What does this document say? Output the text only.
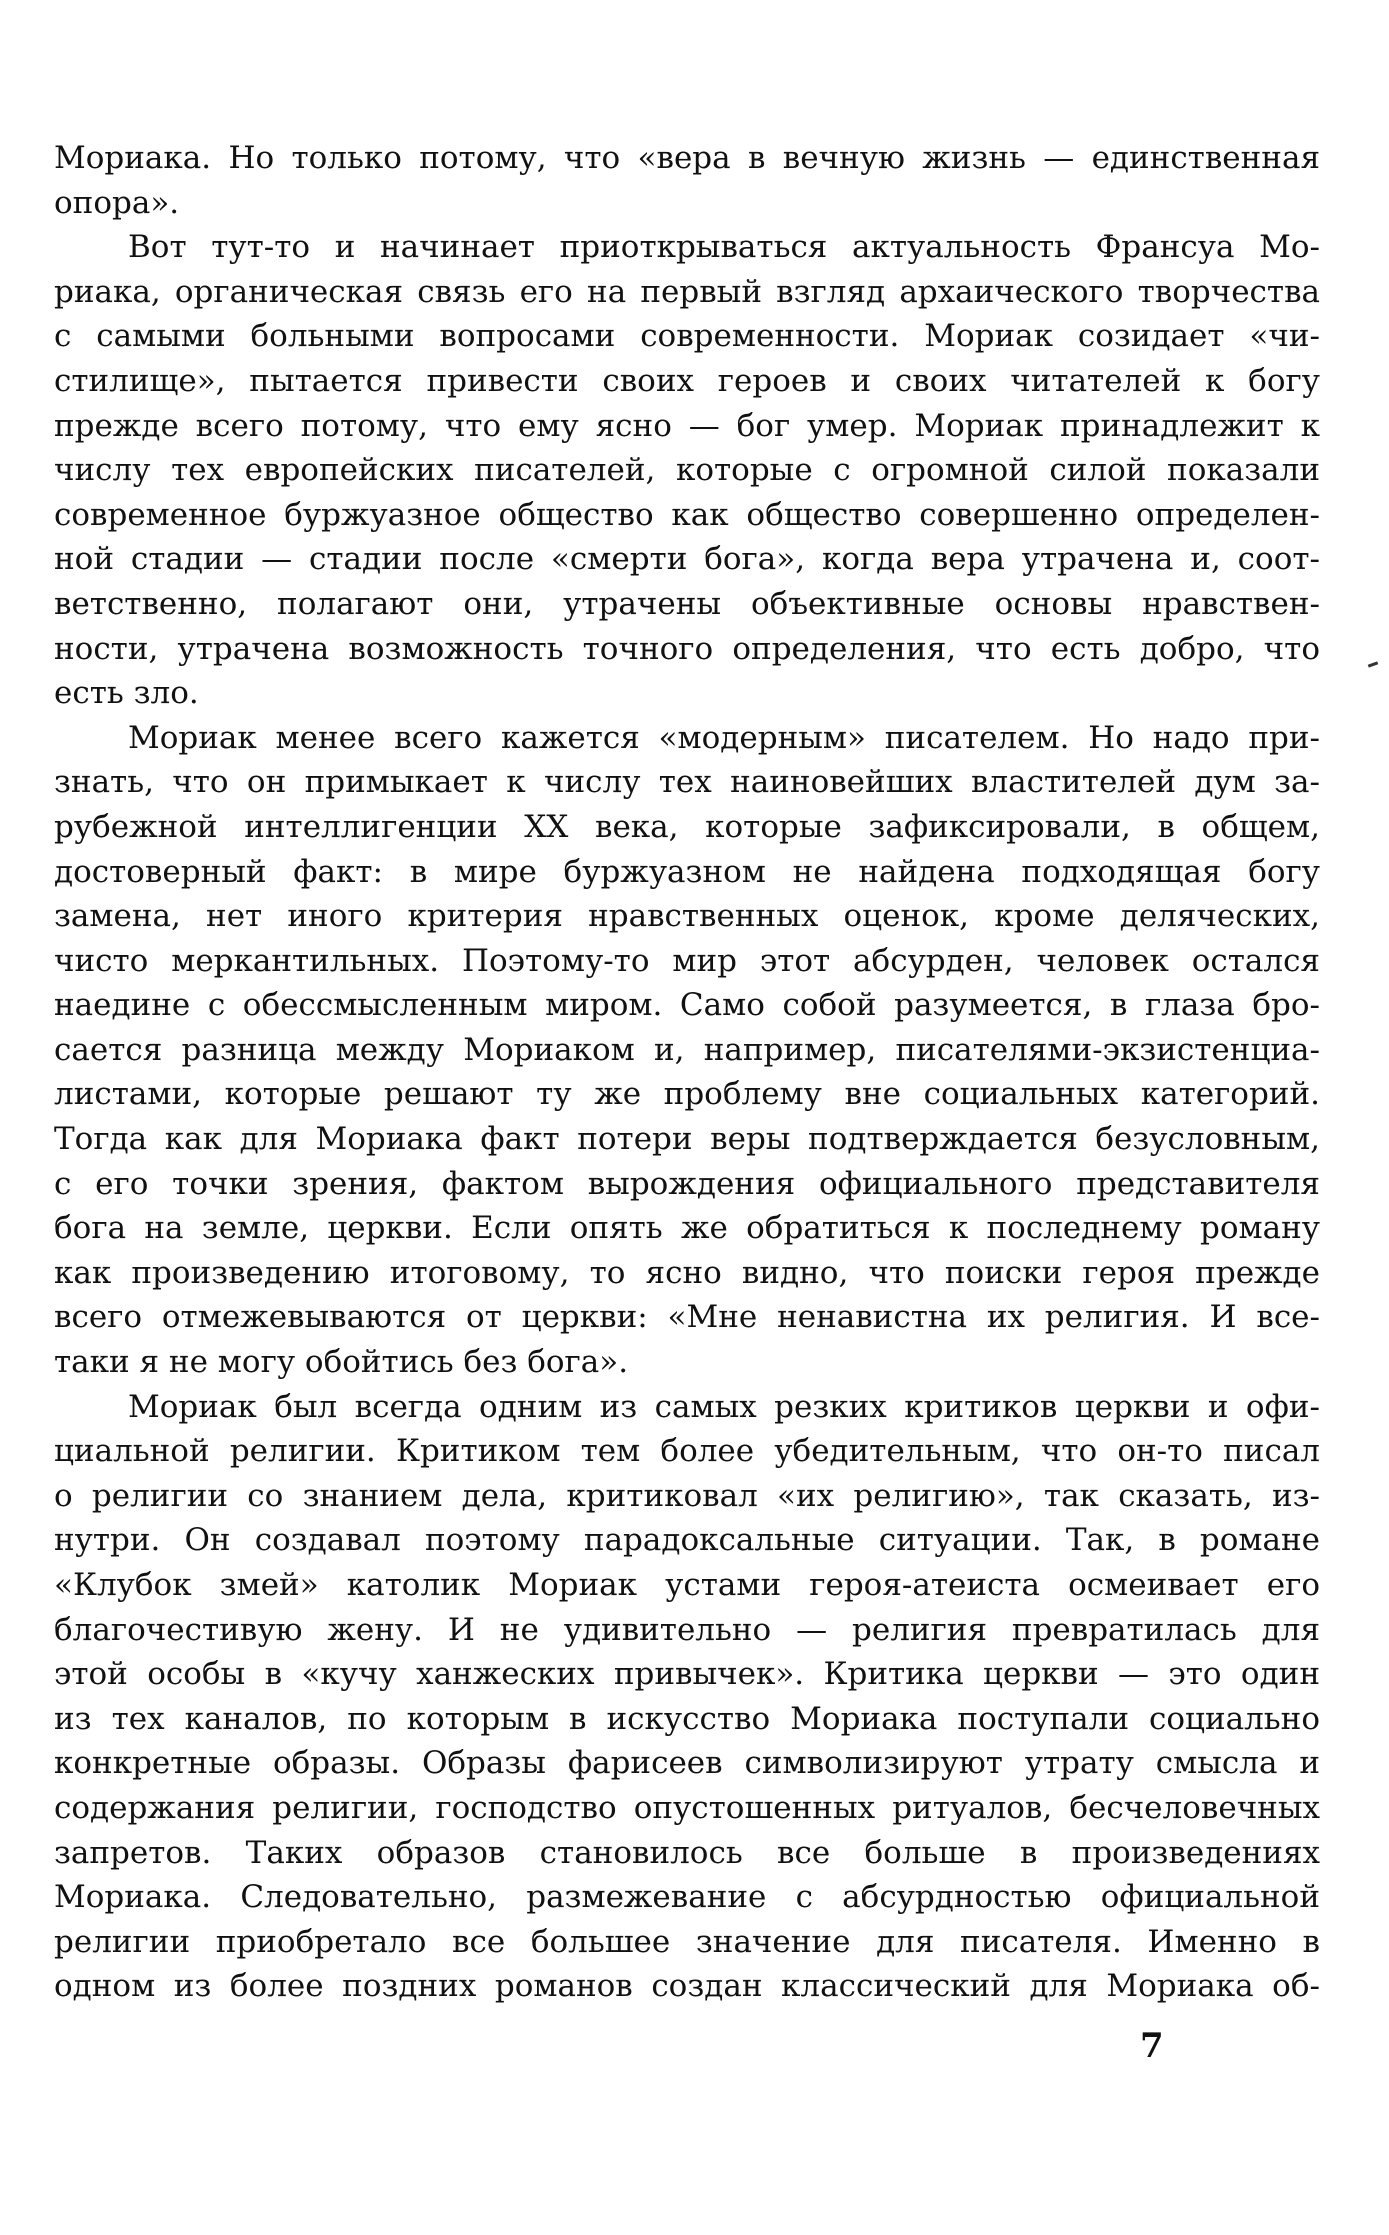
Мориака. Но только потому, что «вера в вечную жизнь — единственная
опора».
Вот тут-то и начинает приоткрываться актуальность Франсуа Мо-
риака, органическая связь его на первый взгляд архаического творчества
с самыми больными вопросами современности. Мориак созидает «чи-
стилище», пытается привести своих героев и своих читателей к богу
прежде всего потому, что ему ясно — бог умер. Мориак принадлежит к
числу тех европейских писателей, которые с огромной силой показали
современное буржуазное общество как общество совершенно определен-
ной стадии — стадии после «смерти бога», когда вера утрачена и, соот-
ветственно, полагают они, утрачены объективные основы нравствен-
ности, утрачена возможность точного определения, что есть добро, что
есть зло.
Мориак менее всего кажется «модерным» писателем. Но надо при-
знать, что он примыкает к числу тех наиновейших властителей дум за-
рубежной интеллигенции XX века, которые зафиксировали, в общем,
достоверный факт: в мире буржуазном не найдена подходящая богу
замена, нет иного критерия нравственных оценок, кроме деляческих,
чисто меркантильных. Поэтому-то мир этот абсурден, человек остался
наедине с обессмысленным миром. Само собой разумеется, в глаза бро-
сается разница между Мориаком и, например, писателями-экзистенциа-
листами, которые решают ту же проблему вне социальных категорий.
Тогда как для Мориака факт потери веры подтверждается безусловным,
с его точки зрения, фактом вырождения официального представителя
бога на земле, церкви. Если опять же обратиться к последнему роману
как произведению итоговому, то ясно видно, что поиски героя прежде
всего отмежевываются от церкви: «Мне ненавистна их религия. И все-
таки я не могу обойтись без бога».
Мориак был всегда одним из самых резких критиков церкви и офи-
циальной религии. Критиком тем более убедительным, что он-то писал
о религии со знанием дела, критиковал «их религию», так сказать, из-
нутри. Он создавал поэтому парадоксальные ситуации. Так, в романе
«Клубок змей» католик Мориак устами героя-атеиста осмеивает его
благочестивую жену. И не удивительно — религия превратилась для
этой особы в «кучу ханжеских привычек». Критика церкви — это один
из тех каналов, по которым в искусство Мориака поступали социально
конкретные образы. Образы фарисеев символизируют утрату смысла и
содержания религии, господство опустошенных ритуалов, бесчеловечных
запретов. Таких образов становилось все больше в произведениях
Мориака. Следовательно, размежевание с абсурдностью официальной
религии приобретало все большее значение для писателя. Именно в
одном из более поздних романов создан классический для Мориака об-
7
